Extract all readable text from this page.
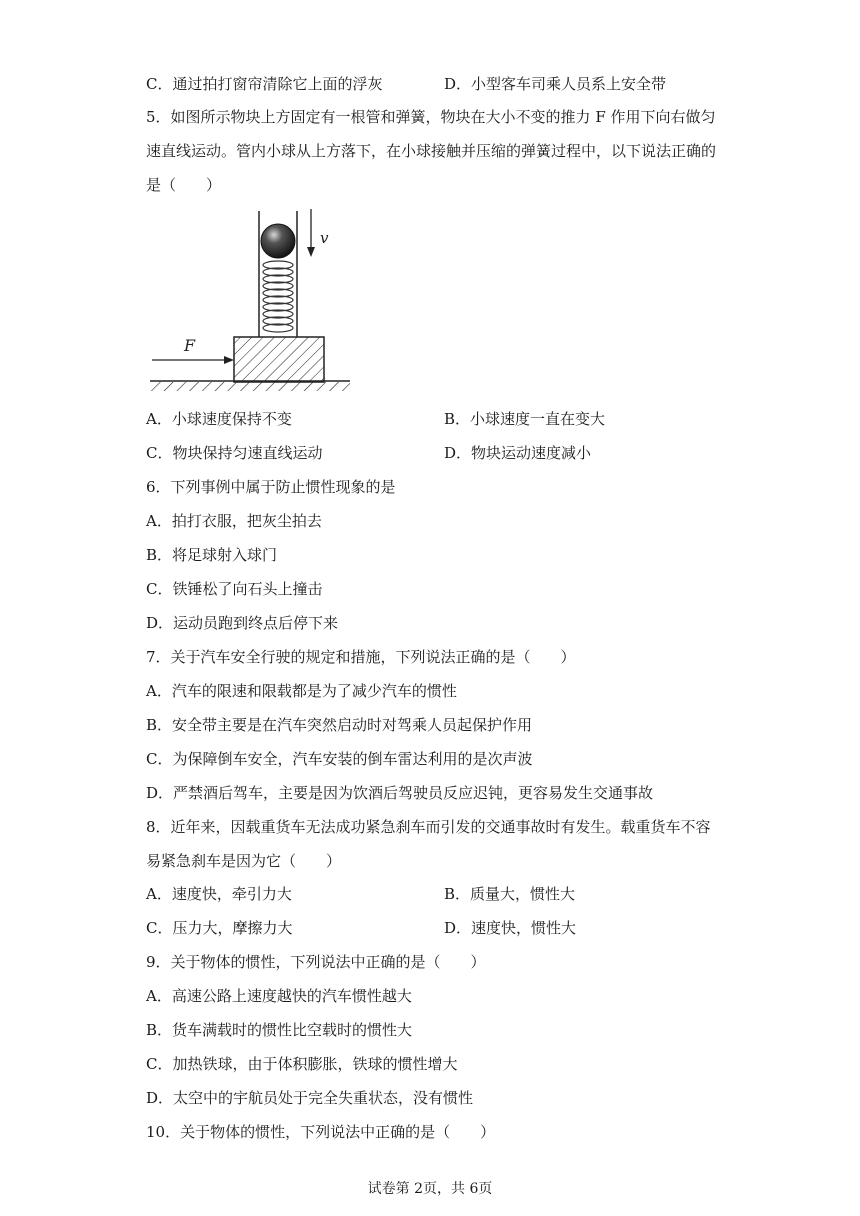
C．通过拍打窗帘清除它上面的浮灰	D．小型客车司乘人员系上安全带
5．如图所示物块上方固定有一根管和弹簧，物块在大小不变的推力 F 作用下向右做匀
速直线运动。管内小球从上方落下，在小球接触并压缩的弹簧过程中，以下说法正确的
是（　　）
v
F
A．小球速度保持不变	B．小球速度一直在变大
C．物块保持匀速直线运动	D．物块运动速度减小
6．下列事例中属于防止惯性现象的是
A．拍打衣服，把灰尘拍去
B．将足球射入球门
C．铁锤松了向石头上撞击
D．运动员跑到终点后停下来
7．关于汽车安全行驶的规定和措施，下列说法正确的是（　　）
A．汽车的限速和限载都是为了减少汽车的惯性
B．安全带主要是在汽车突然启动时对驾乘人员起保护作用
C．为保障倒车安全，汽车安装的倒车雷达利用的是次声波
D．严禁酒后驾车，主要是因为饮酒后驾驶员反应迟钝，更容易发生交通事故
8．近年来，因载重货车无法成功紧急刹车而引发的交通事故时有发生。载重货车不容
易紧急刹车是因为它（　　）
A．速度快，牵引力大	B．质量大，惯性大
C．压力大，摩擦力大	D．速度快，惯性大
9．关于物体的惯性，下列说法中正确的是（　　）
A．高速公路上速度越快的汽车惯性越大
B．货车满载时的惯性比空载时的惯性大
C．加热铁球，由于体积膨胀，铁球的惯性增大
D．太空中的宇航员处于完全失重状态，没有惯性
10．关于物体的惯性，下列说法中正确的是（　　）
试卷第 2页，共 6页
